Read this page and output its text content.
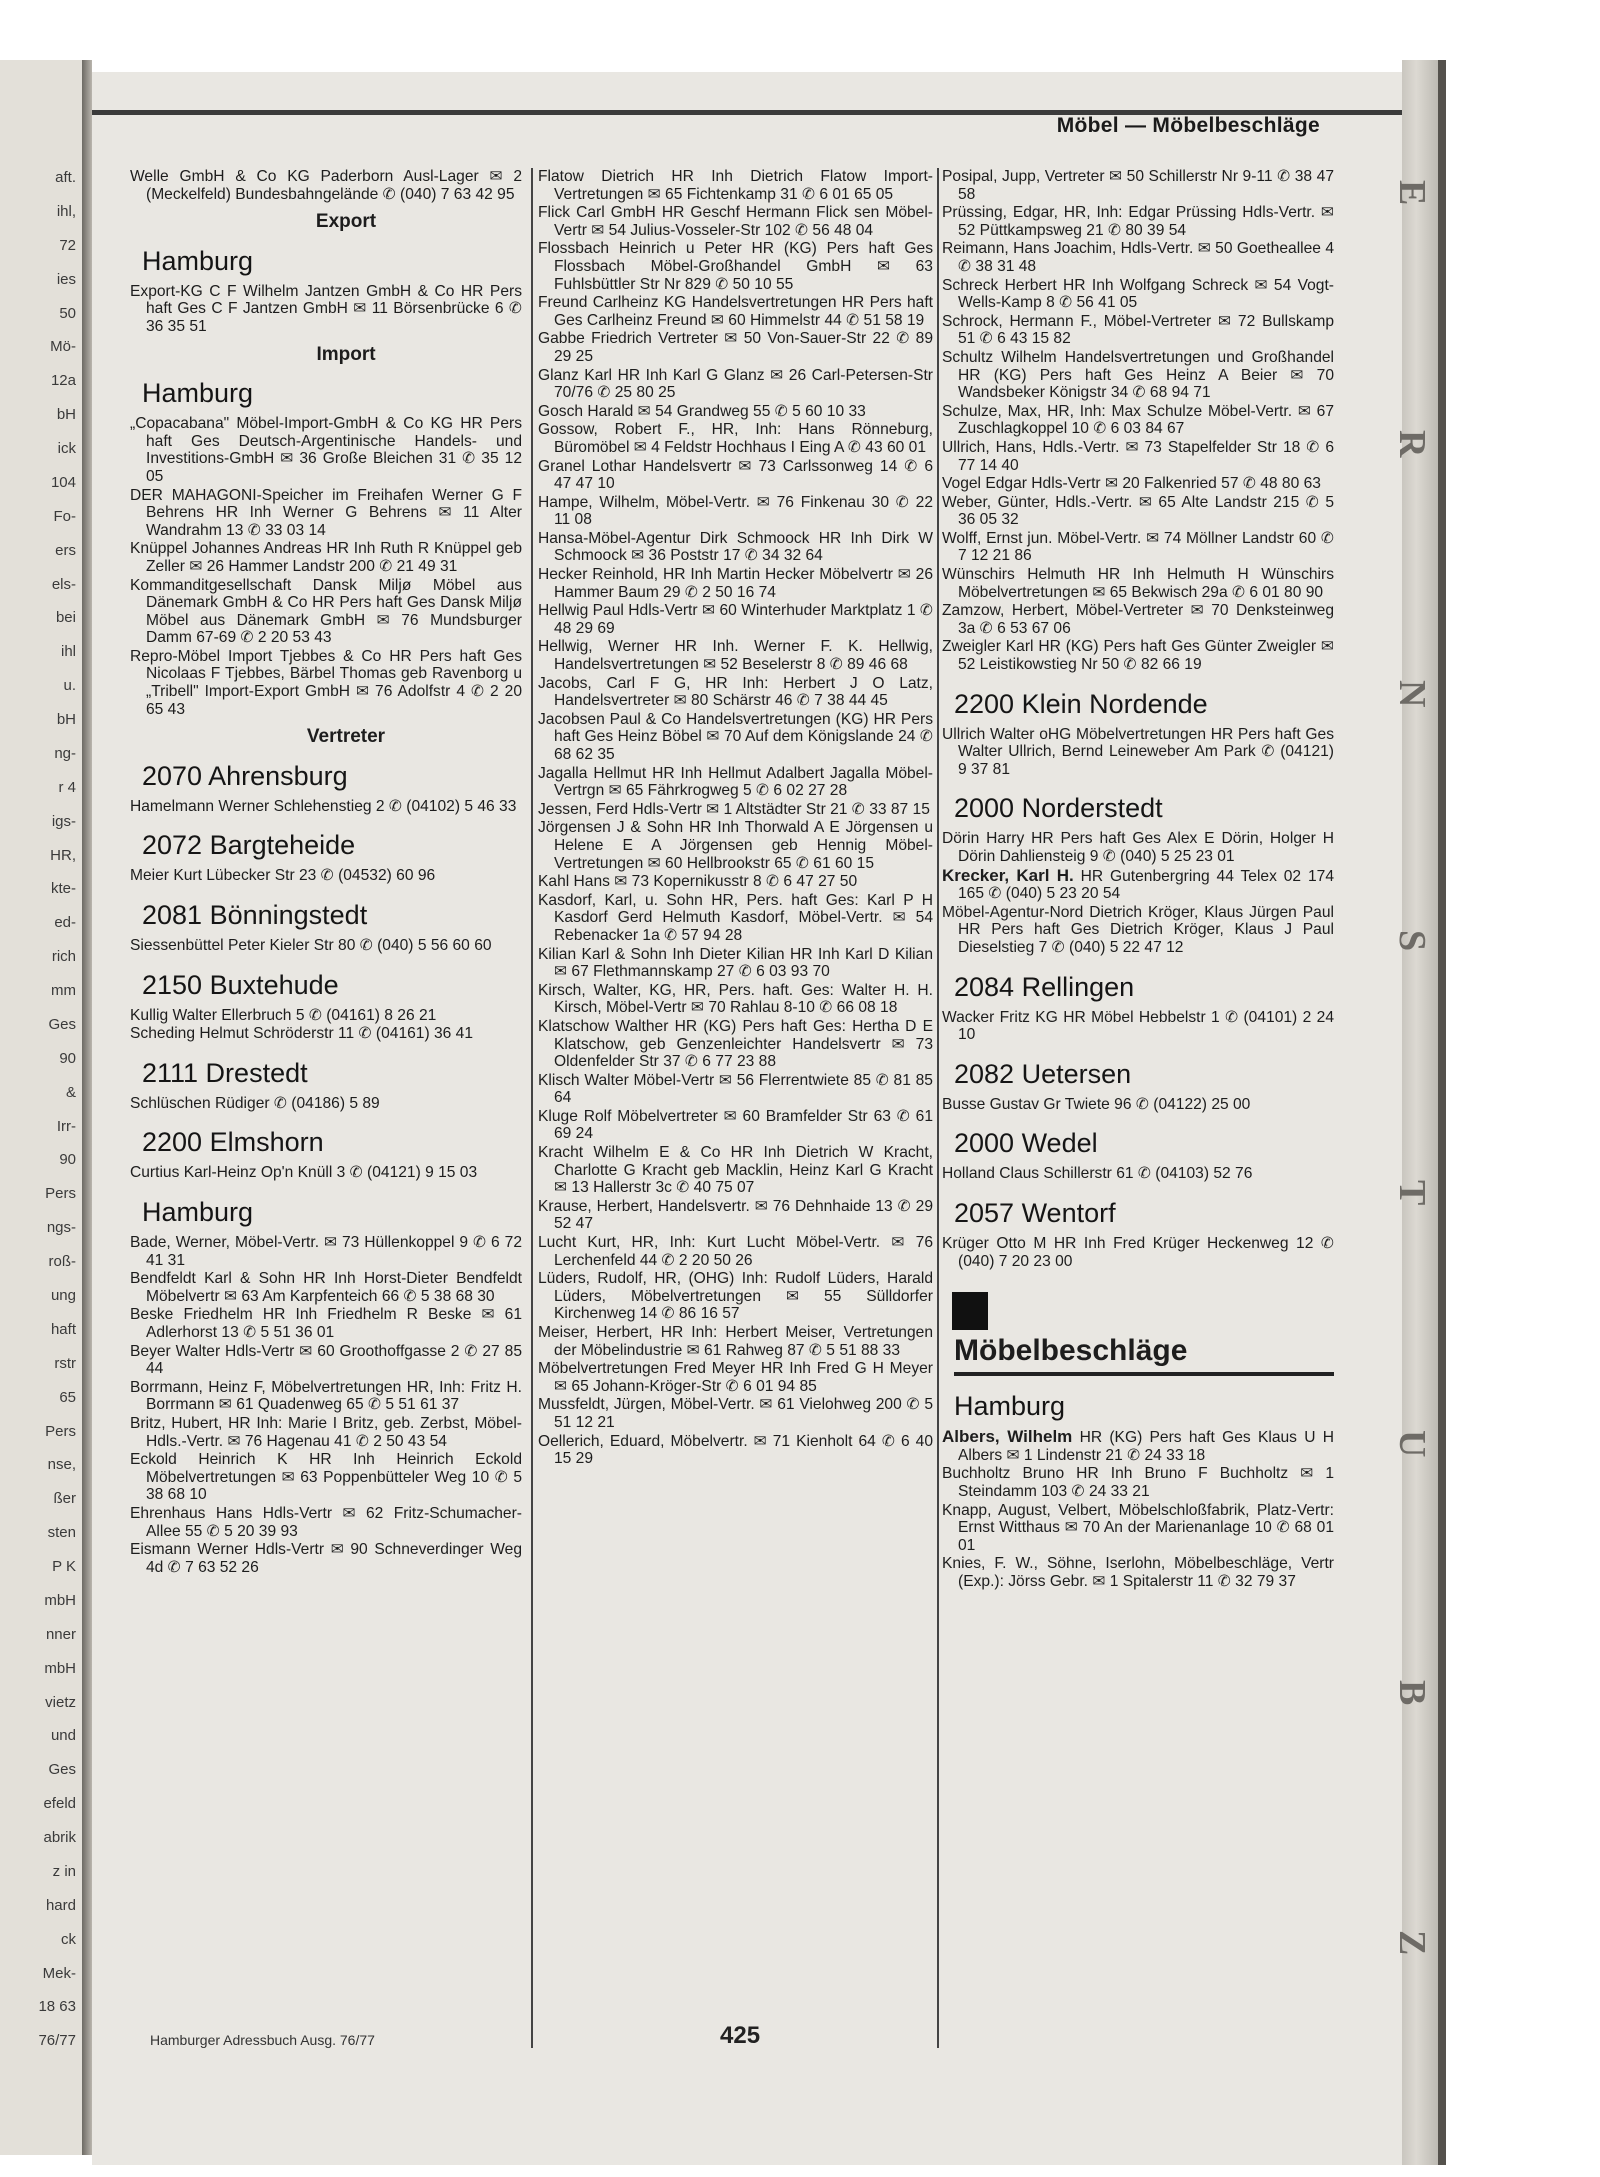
aft.
ihl,
72
ies
50
Mö-
12a
bH
ick
104
Fo-
ers
els-
bei
ihl
u.
bH
ng-
r 4
igs-
HR,
kte-
ed-
rich
mm
Ges
90
&
Irr-
90
Pers
ngs-
roß-
ung
haft
rstr
65
Pers
nse,
ßer
sten
P K
mbH
nner
mbH
vietz
und
Ges
efeld
abrik
z in
hard
ck
Mek-
18 63
76/77
E
R
N
S
T
U
B
Z
Möbel — Möbelbeschläge
Welle GmbH & Co KG Paderborn Ausl-Lager ✉ 2 (Meckelfeld) Bundesbahngelände ✆ (040) 7 63 42 95
Export
Hamburg
Export-KG C F Wilhelm Jantzen GmbH & Co HR Pers haft Ges C F Jantzen GmbH ✉ 11 Börsenbrücke 6 ✆ 36 35 51
Import
Hamburg
„Copacabana" Möbel-Import-GmbH & Co KG HR Pers haft Ges Deutsch-Argentinische Handels- und Investitions-GmbH ✉ 36 Große Bleichen 31 ✆ 35 12 05
DER MAHAGONI-Speicher im Freihafen Werner G F Behrens HR Inh Werner G Behrens ✉ 11 Alter Wandrahm 13 ✆ 33 03 14
Knüppel Johannes Andreas HR Inh Ruth R Knüppel geb Zeller ✉ 26 Hammer Landstr 200 ✆ 21 49 31
Kommanditgesellschaft Dansk Miljø Möbel aus Dänemark GmbH & Co HR Pers haft Ges Dansk Miljø Möbel aus Dänemark GmbH ✉ 76 Mundsburger Damm 67-69 ✆ 2 20 53 43
Repro-Möbel Import Tjebbes & Co HR Pers haft Ges Nicolaas F Tjebbes, Bärbel Thomas geb Ravenborg u „Tribell" Import-Export GmbH ✉ 76 Adolfstr 4 ✆ 2 20 65 43
Vertreter
2070 Ahrensburg
Hamelmann Werner Schlehenstieg 2 ✆ (04102) 5 46 33
2072 Bargteheide
Meier Kurt Lübecker Str 23 ✆ (04532) 60 96
2081 Bönningstedt
Siessenbüttel Peter Kieler Str 80 ✆ (040) 5 56 60 60
2150 Buxtehude
Kullig Walter Ellerbruch 5 ✆ (04161) 8 26 21
Scheding Helmut Schröderstr 11 ✆ (04161) 36 41
2111 Drestedt
Schlüschen Rüdiger ✆ (04186) 5 89
2200 Elmshorn
Curtius Karl-Heinz Op'n Knüll 3 ✆ (04121) 9 15 03
Hamburg
Bade, Werner, Möbel-Vertr. ✉ 73 Hüllenkoppel 9 ✆ 6 72 41 31
Bendfeldt Karl & Sohn HR Inh Horst-Dieter Bendfeldt Möbelvertr ✉ 63 Am Karpfenteich 66 ✆ 5 38 68 30
Beske Friedhelm HR Inh Friedhelm R Beske ✉ 61 Adlerhorst 13 ✆ 5 51 36 01
Beyer Walter Hdls-Vertr ✉ 60 Groothoffgasse 2 ✆ 27 85 44
Borrmann, Heinz F, Möbelvertretungen HR, Inh: Fritz H. Borrmann ✉ 61 Quadenweg 65 ✆ 5 51 61 37
Britz, Hubert, HR Inh: Marie I Britz, geb. Zerbst, Möbel-Hdls.-Vertr. ✉ 76 Hagenau 41 ✆ 2 50 43 54
Eckold Heinrich K HR Inh Heinrich Eckold Möbelvertretungen ✉ 63 Poppenbütteler Weg 10 ✆ 5 38 68 10
Ehrenhaus Hans Hdls-Vertr ✉ 62 Fritz-Schumacher-Allee 55 ✆ 5 20 39 93
Eismann Werner Hdls-Vertr ✉ 90 Schneverdinger Weg 4d ✆ 7 63 52 26
Flatow Dietrich HR Inh Dietrich Flatow Import-Vertretungen ✉ 65 Fichtenkamp 31 ✆ 6 01 65 05
Flick Carl GmbH HR Geschf Hermann Flick sen Möbel-Vertr ✉ 54 Julius-Vosseler-Str 102 ✆ 56 48 04
Flossbach Heinrich u Peter HR (KG) Pers haft Ges Flossbach Möbel-Großhandel GmbH ✉ 63 Fuhlsbüttler Str Nr 829 ✆ 50 10 55
Freund Carlheinz KG Handelsvertretungen HR Pers haft Ges Carlheinz Freund ✉ 60 Himmelstr 44 ✆ 51 58 19
Gabbe Friedrich Vertreter ✉ 50 Von-Sauer-Str 22 ✆ 89 29 25
Glanz Karl HR Inh Karl G Glanz ✉ 26 Carl-Petersen-Str 70/76 ✆ 25 80 25
Gosch Harald ✉ 54 Grandweg 55 ✆ 5 60 10 33
Gossow, Robert F., HR, Inh: Hans Rönneburg, Büromöbel ✉ 4 Feldstr Hochhaus I Eing A ✆ 43 60 01
Granel Lothar Handelsvertr ✉ 73 Carlssonweg 14 ✆ 6 47 47 10
Hampe, Wilhelm, Möbel-Vertr. ✉ 76 Finkenau 30 ✆ 22 11 08
Hansa-Möbel-Agentur Dirk Schmoock HR Inh Dirk W Schmoock ✉ 36 Poststr 17 ✆ 34 32 64
Hecker Reinhold, HR Inh Martin Hecker Möbelvertr ✉ 26 Hammer Baum 29 ✆ 2 50 16 74
Hellwig Paul Hdls-Vertr ✉ 60 Winterhuder Marktplatz 1 ✆ 48 29 69
Hellwig, Werner HR Inh. Werner F. K. Hellwig, Handelsvertretungen ✉ 52 Beselerstr 8 ✆ 89 46 68
Jacobs, Carl F G, HR Inh: Herbert J O Latz, Handelsvertreter ✉ 80 Schärstr 46 ✆ 7 38 44 45
Jacobsen Paul & Co Handelsvertretungen (KG) HR Pers haft Ges Heinz Böbel ✉ 70 Auf dem Königslande 24 ✆ 68 62 35
Jagalla Hellmut HR Inh Hellmut Adalbert Jagalla Möbel-Vertrgn ✉ 65 Fährkrogweg 5 ✆ 6 02 27 28
Jessen, Ferd Hdls-Vertr ✉ 1 Altstädter Str 21 ✆ 33 87 15
Jörgensen J & Sohn HR Inh Thorwald A E Jörgensen u Helene E A Jörgensen geb Hennig Möbel-Vertretungen ✉ 60 Hellbrookstr 65 ✆ 61 60 15
Kahl Hans ✉ 73 Kopernikusstr 8 ✆ 6 47 27 50
Kasdorf, Karl, u. Sohn HR, Pers. haft Ges: Karl P H Kasdorf Gerd Helmuth Kasdorf, Möbel-Vertr. ✉ 54 Rebenacker 1a ✆ 57 94 28
Kilian Karl & Sohn Inh Dieter Kilian HR Inh Karl D Kilian ✉ 67 Flethmannskamp 27 ✆ 6 03 93 70
Kirsch, Walter, KG, HR, Pers. haft. Ges: Walter H. H. Kirsch, Möbel-Vertr ✉ 70 Rahlau 8-10 ✆ 66 08 18
Klatschow Walther HR (KG) Pers haft Ges: Hertha D E Klatschow, geb Genzenleichter Handelsvertr ✉ 73 Oldenfelder Str 37 ✆ 6 77 23 88
Klisch Walter Möbel-Vertr ✉ 56 Flerrentwiete 85 ✆ 81 85 64
Kluge Rolf Möbelvertreter ✉ 60 Bramfelder Str 63 ✆ 61 69 24
Kracht Wilhelm E & Co HR Inh Dietrich W Kracht, Charlotte G Kracht geb Macklin, Heinz Karl G Kracht ✉ 13 Hallerstr 3c ✆ 40 75 07
Krause, Herbert, Handelsvertr. ✉ 76 Dehnhaide 13 ✆ 29 52 47
Lucht Kurt, HR, Inh: Kurt Lucht Möbel-Vertr. ✉ 76 Lerchenfeld 44 ✆ 2 20 50 26
Lüders, Rudolf, HR, (OHG) Inh: Rudolf Lüders, Harald Lüders, Möbelvertretungen ✉ 55 Sülldorfer Kirchenweg 14 ✆ 86 16 57
Meiser, Herbert, HR Inh: Herbert Meiser, Vertretungen der Möbelindustrie ✉ 61 Rahweg 87 ✆ 5 51 88 33
Möbelvertretungen Fred Meyer HR Inh Fred G H Meyer ✉ 65 Johann-Kröger-Str ✆ 6 01 94 85
Mussfeldt, Jürgen, Möbel-Vertr. ✉ 61 Vielohweg 200 ✆ 5 51 12 21
Oellerich, Eduard, Möbelvertr. ✉ 71 Kienholt 64 ✆ 6 40 15 29
Posipal, Jupp, Vertreter ✉ 50 Schillerstr Nr 9-11 ✆ 38 47 58
Prüssing, Edgar, HR, Inh: Edgar Prüssing Hdls-Vertr. ✉ 52 Püttkampsweg 21 ✆ 80 39 54
Reimann, Hans Joachim, Hdls-Vertr. ✉ 50 Goetheallee 4 ✆ 38 31 48
Schreck Herbert HR Inh Wolfgang Schreck ✉ 54 Vogt-Wells-Kamp 8 ✆ 56 41 05
Schrock, Hermann F., Möbel-Vertreter ✉ 72 Bullskamp 51 ✆ 6 43 15 82
Schultz Wilhelm Handelsvertretungen und Großhandel HR (KG) Pers haft Ges Heinz A Beier ✉ 70 Wandsbeker Königstr 34 ✆ 68 94 71
Schulze, Max, HR, Inh: Max Schulze Möbel-Vertr. ✉ 67 Zuschlagkoppel 10 ✆ 6 03 84 67
Ullrich, Hans, Hdls.-Vertr. ✉ 73 Stapelfelder Str 18 ✆ 6 77 14 40
Vogel Edgar Hdls-Vertr ✉ 20 Falkenried 57 ✆ 48 80 63
Weber, Günter, Hdls.-Vertr. ✉ 65 Alte Landstr 215 ✆ 5 36 05 32
Wolff, Ernst jun. Möbel-Vertr. ✉ 74 Möllner Landstr 60 ✆ 7 12 21 86
Wünschirs Helmuth HR Inh Helmuth H Wünschirs Möbelvertretungen ✉ 65 Bekwisch 29a ✆ 6 01 80 90
Zamzow, Herbert, Möbel-Vertreter ✉ 70 Denksteinweg 3a ✆ 6 53 67 06
Zweigler Karl HR (KG) Pers haft Ges Günter Zweigler ✉ 52 Leistikowstieg Nr 50 ✆ 82 66 19
2200 Klein Nordende
Ullrich Walter oHG Möbelvertretungen HR Pers haft Ges Walter Ullrich, Bernd Leineweber Am Park ✆ (04121) 9 37 81
2000 Norderstedt
Dörin Harry HR Pers haft Ges Alex E Dörin, Holger H Dörin Dahliensteig 9 ✆ (040) 5 25 23 01
Krecker, Karl H. HR Gutenbergring 44 Telex 02 174 165 ✆ (040) 5 23 20 54
Möbel-Agentur-Nord Dietrich Kröger, Klaus Jürgen Paul HR Pers haft Ges Dietrich Kröger, Klaus J Paul Dieselstieg 7 ✆ (040) 5 22 47 12
2084 Rellingen
Wacker Fritz KG HR Möbel Hebbelstr 1 ✆ (04101) 2 24 10
2082 Uetersen
Busse Gustav Gr Twiete 96 ✆ (04122) 25 00
2000 Wedel
Holland Claus Schillerstr 61 ✆ (04103) 52 76
2057 Wentorf
Krüger Otto M HR Inh Fred Krüger Heckenweg 12 ✆ (040) 7 20 23 00
Möbelbeschläge
Hamburg
Albers, Wilhelm HR (KG) Pers haft Ges Klaus U H Albers ✉ 1 Lindenstr 21 ✆ 24 33 18
Buchholtz Bruno HR Inh Bruno F Buchholtz ✉ 1 Steindamm 103 ✆ 24 33 21
Knapp, August, Velbert, Möbelschloßfabrik, Platz-Vertr: Ernst Witthaus ✉ 70 An der Marienanlage 10 ✆ 68 01 01
Knies, F. W., Söhne, Iserlohn, Möbelbeschläge, Vertr (Exp.): Jörss Gebr. ✉ 1 Spitalerstr 11 ✆ 32 79 37
Hamburger Adressbuch Ausg. 76/77	425
